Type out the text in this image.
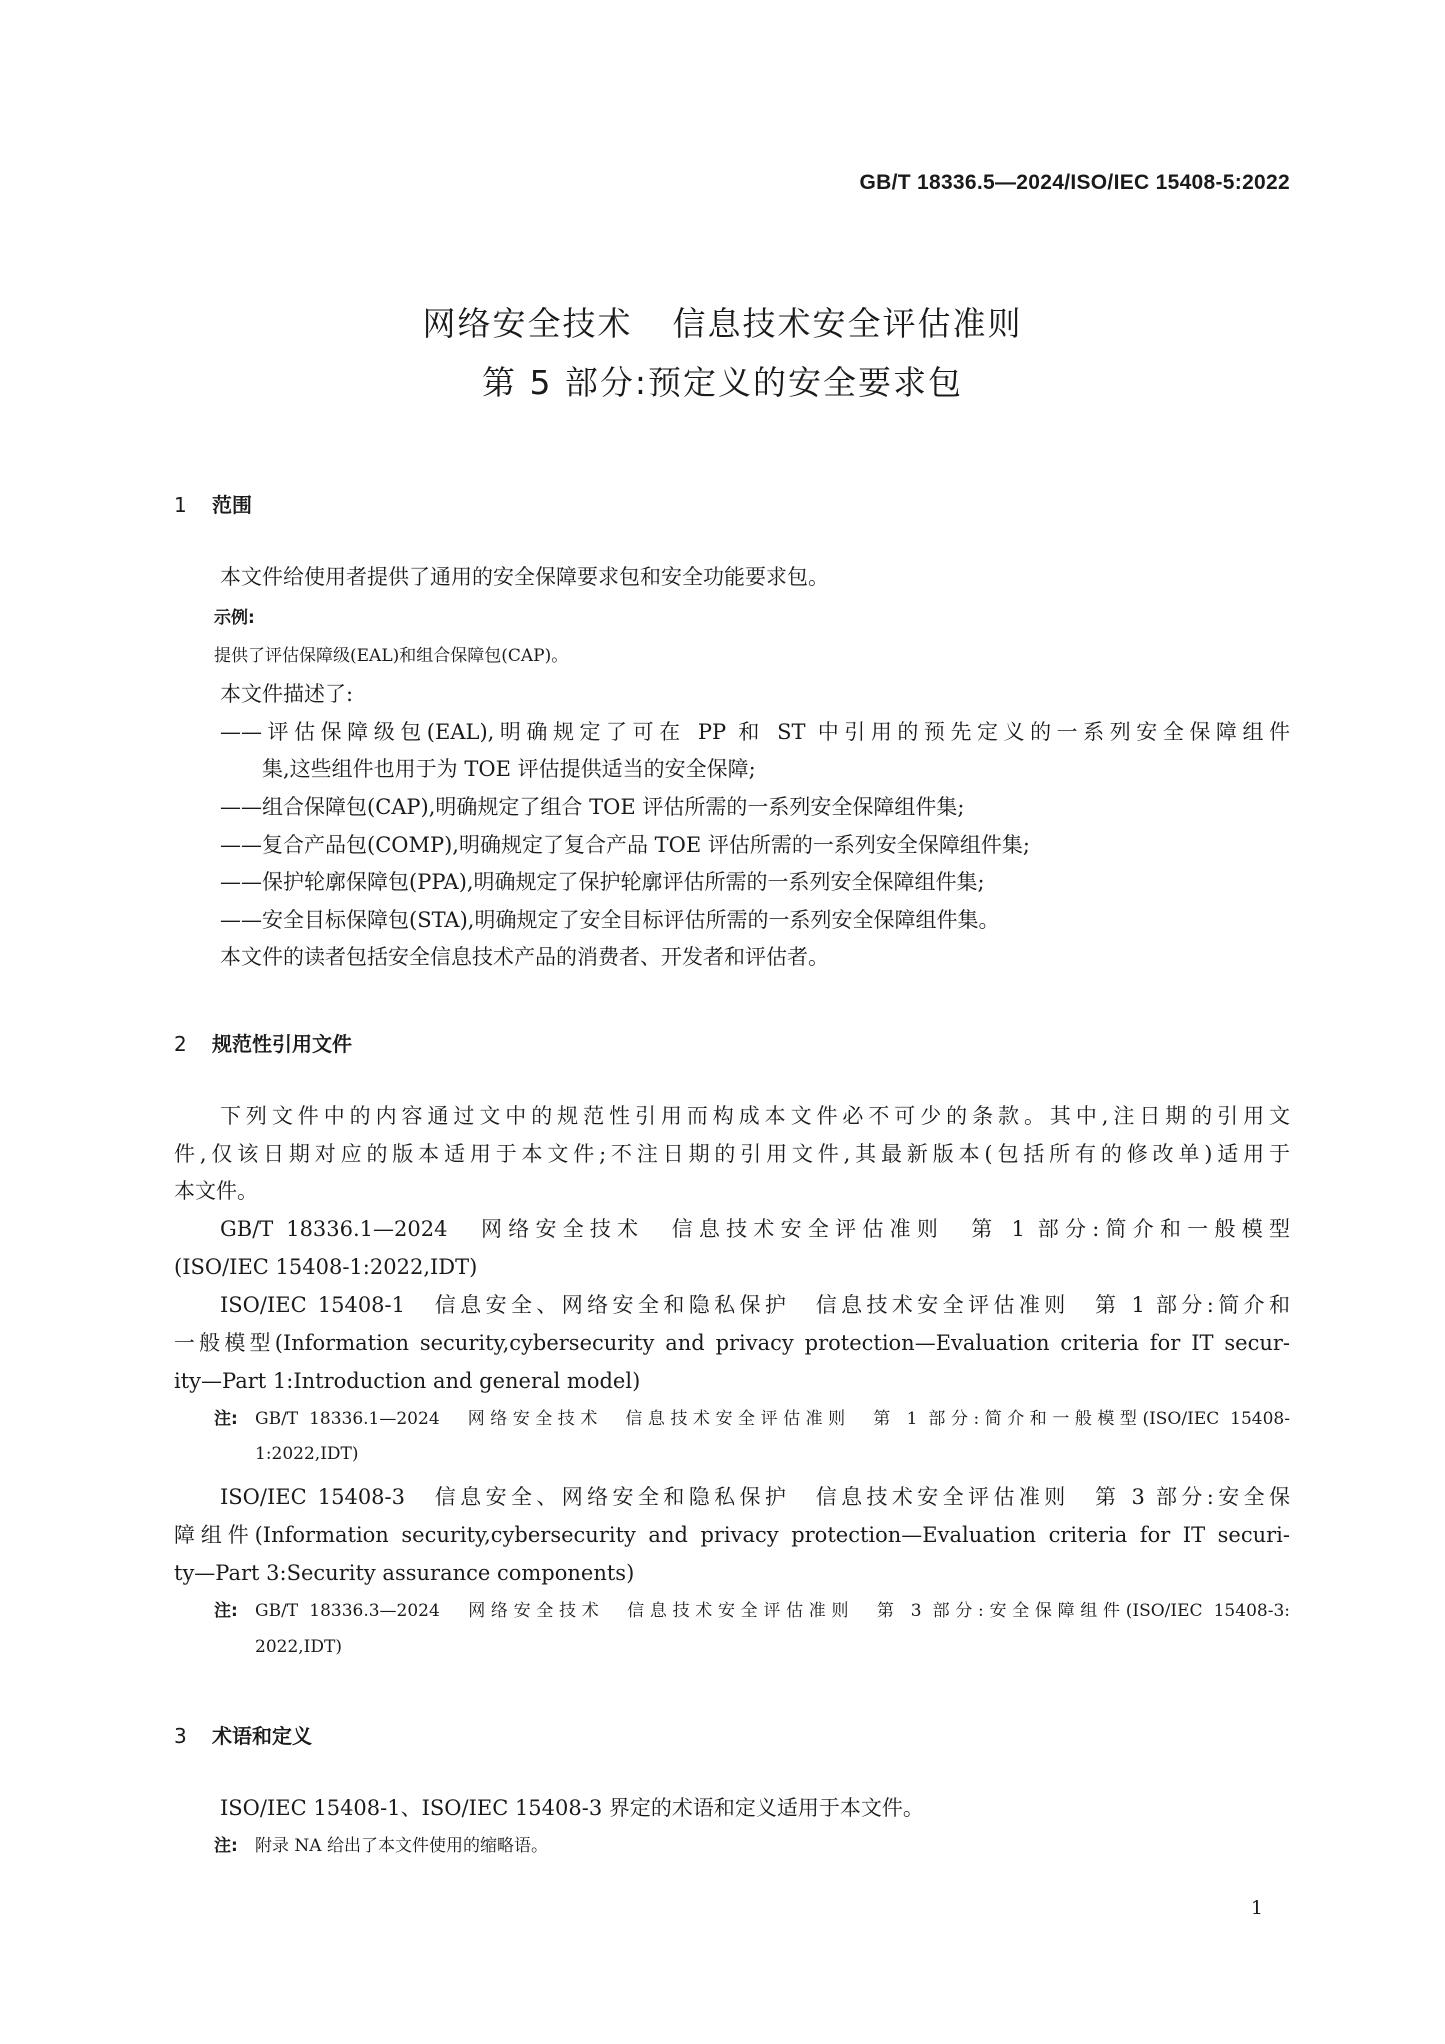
GB/T 18336.5—2024/ISO/IEC 15408-5:2022
网络安全技术 信息技术安全评估准则
第 5 部分:预定义的安全要求包
1 范围
本文件给使用者提供了通用的安全保障要求包和安全功能要求包。
示例:
提供了评估保障级(EAL)和组合保障包(CAP)。
本文件描述了:
——评估保障级包(EAL),明确规定了可在 PP 和 ST 中引用的预先定义的一系列安全保障组件
集,这些组件也用于为 TOE 评估提供适当的安全保障;
——组合保障包(CAP),明确规定了组合 TOE 评估所需的一系列安全保障组件集;
——复合产品包(COMP),明确规定了复合产品 TOE 评估所需的一系列安全保障组件集;
——保护轮廓保障包(PPA),明确规定了保护轮廓评估所需的一系列安全保障组件集;
——安全目标保障包(STA),明确规定了安全目标评估所需的一系列安全保障组件集。
本文件的读者包括安全信息技术产品的消费者、开发者和评估者。
2 规范性引用文件
下列文件中的内容通过文中的规范性引用而构成本文件必不可少的条款。其中,注日期的引用文
件,仅该日期对应的版本适用于本文件;不注日期的引用文件,其最新版本(包括所有的修改单)适用于
本文件。
GB/T 18336.1—2024　网络安全技术　信息技术安全评估准则　第 1 部分:简介和一般模型
(ISO/IEC 15408-1:2022,IDT)
ISO/IEC 15408-1　信息安全、网络安全和隐私保护　信息技术安全评估准则　第 1 部分:简介和
一般模型(Information security,cybersecurity and privacy protection—Evaluation criteria for IT secur-
ity—Part 1:Introduction and general model)
注: GB/T 18336.1—2024　网络安全技术　信息技术安全评估准则　第 1 部分:简介和一般模型(ISO/IEC 15408-
1:2022,IDT)
ISO/IEC 15408-3　信息安全、网络安全和隐私保护　信息技术安全评估准则　第 3 部分:安全保
障组件(Information security,cybersecurity and privacy protection—Evaluation criteria for IT securi-
ty—Part 3:Security assurance components)
注: GB/T 18336.3—2024　网络安全技术　信息技术安全评估准则　第 3 部分:安全保障组件(ISO/IEC 15408-3:
2022,IDT)
3 术语和定义
ISO/IEC 15408-1、ISO/IEC 15408-3 界定的术语和定义适用于本文件。
注: 附录 NA 给出了本文件使用的缩略语。
1
